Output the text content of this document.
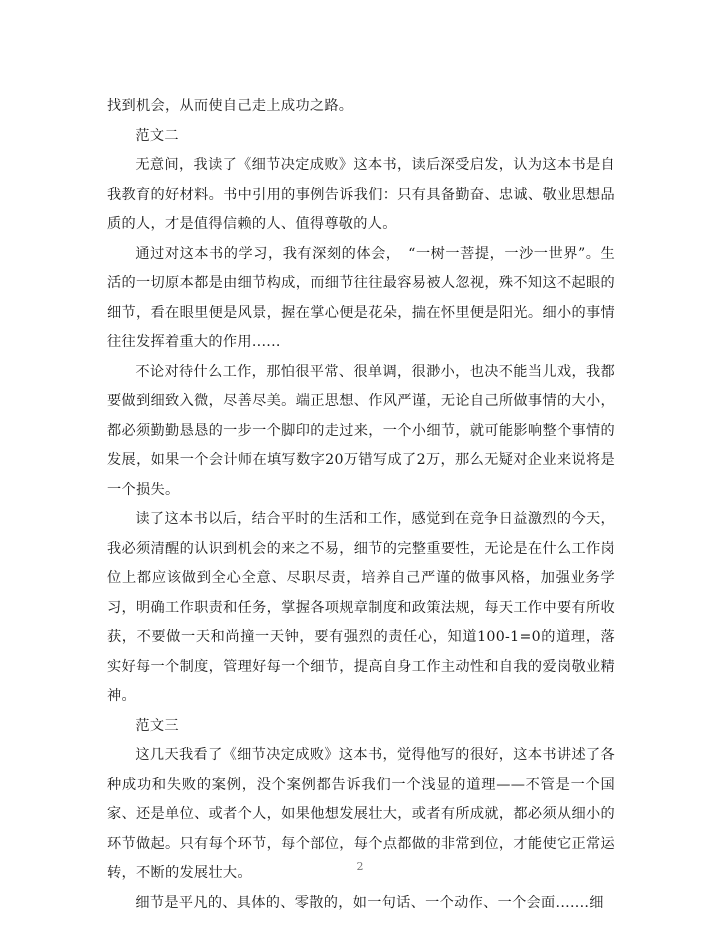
找到机会，从而使自己走上成功之路。

范文二

无意间，我读了《细节决定成败》这本书，读后深受启发，认为这本书是自我教育的好材料。书中引用的事例告诉我们：只有具备勤奋、忠诚、敬业思想品质的人，才是值得信赖的人、值得尊敬的人。

通过对这本书的学习，我有深刻的体会，　“一树一菩提，一沙一世界”。生活的一切原本都是由细节构成，而细节往往最容易被人忽视，殊不知这不起眼的细节，看在眼里便是风景，握在掌心便是花朵，揣在怀里便是阳光。细小的事情往往发挥着重大的作用......

不论对待什么工作，那怕很平常、很单调，很渺小，也决不能当儿戏，我都要做到细致入微，尽善尽美。端正思想、作风严谨，无论自己所做事情的大小，都必须勤勤恳恳的一步一个脚印的走过来，一个小细节，就可能影响整个事情的发展，如果一个会计师在填写数字20万错写成了2万，那么无疑对企业来说将是一个损失。

读了这本书以后，结合平时的生活和工作，感觉到在竞争日益激烈的今天，我必须清醒的认识到机会的来之不易，细节的完整重要性，无论是在什么工作岗位上都应该做到全心全意、尽职尽责，培养自己严谨的做事风格，加强业务学习，明确工作职责和任务，掌握各项规章制度和政策法规，每天工作中要有所收获，不要做一天和尚撞一天钟，要有强烈的责任心，知道100-1=0的道理，落实好每一个制度，管理好每一个细节，提高自身工作主动性和自我的爱岗敬业精神。

范文三

这几天我看了《细节决定成败》这本书，觉得他写的很好，这本书讲述了各种成功和失败的案例，没个案例都告诉我们一个浅显的道理——不管是一个国家、还是单位、或者个人，如果他想发展壮大，或者有所成就，都必须从细小的环节做起。只有每个环节，每个部位，每个点都做的非常到位，才能使它正常运转，不断的发展壮大。

细节是平凡的、具体的、零散的，如一句话、一个动作、一个会面.......细

2
